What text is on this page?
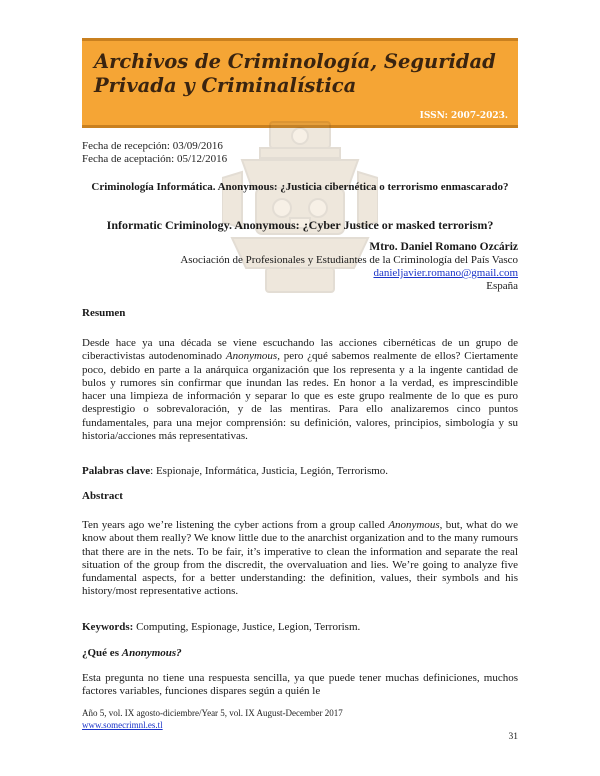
Archivos de Criminología, Seguridad Privada y Criminalística
ISSN: 2007-2023.
Fecha de recepción: 03/09/2016
Fecha de aceptación: 05/12/2016
Criminología Informática. Anonymous: ¿Justicia cibernética o terrorismo enmascarado?
Informatic Criminology. Anonymous: ¿Cyber Justice or masked terrorism?
Mtro. Daniel Romano Ozcáriz
Asociación de Profesionales y Estudiantes de la Criminología del País Vasco
danieljavier.romano@gmail.com
España
Resumen

Desde hace ya una década se viene escuchando las acciones cibernéticas de un grupo de ciberactivistas autodenominado Anonymous, pero ¿qué sabemos realmente de ellos? Ciertamente poco, debido en parte a la anárquica organización que los representa y a la ingente cantidad de bulos y rumores sin confirmar que inundan las redes. En honor a la verdad, es imprescindible hacer una limpieza de información y separar lo que es este grupo realmente de lo que es puro desprestigio o sobrevaloración, y de las mentiras. Para ello analizaremos cinco puntos fundamentales, para una mejor comprensión: su definición, valores, principios, simbología y su historia/acciones más representativas.

Palabras clave: Espionaje, Informática, Justicia, Legión, Terrorismo.

Abstract

Ten years ago we’re listening the cyber actions from a group called Anonymous, but, what do we know about them really? We know little due to the anarchist organization and to the many rumours that there are in the nets. To be fair, it’s imperative to clean the information and separate the real situation of the group from the discredit, the overvaluation and lies. We’re going to analyze five fundamental aspects, for a better understanding: the definition, values, their symbols and his history/most representative actions.

Keywords: Computing, Espionage, Justice, Legion, Terrorism.

¿Qué es Anonymous?

Esta pregunta no tiene una respuesta sencilla, ya que puede tener muchas definiciones, muchos factores variables, funciones dispares según a quién le

Año 5, vol. IX agosto-diciembre/Year 5, vol. IX August-December 2017
www.somecrimnl.es.tl
31
